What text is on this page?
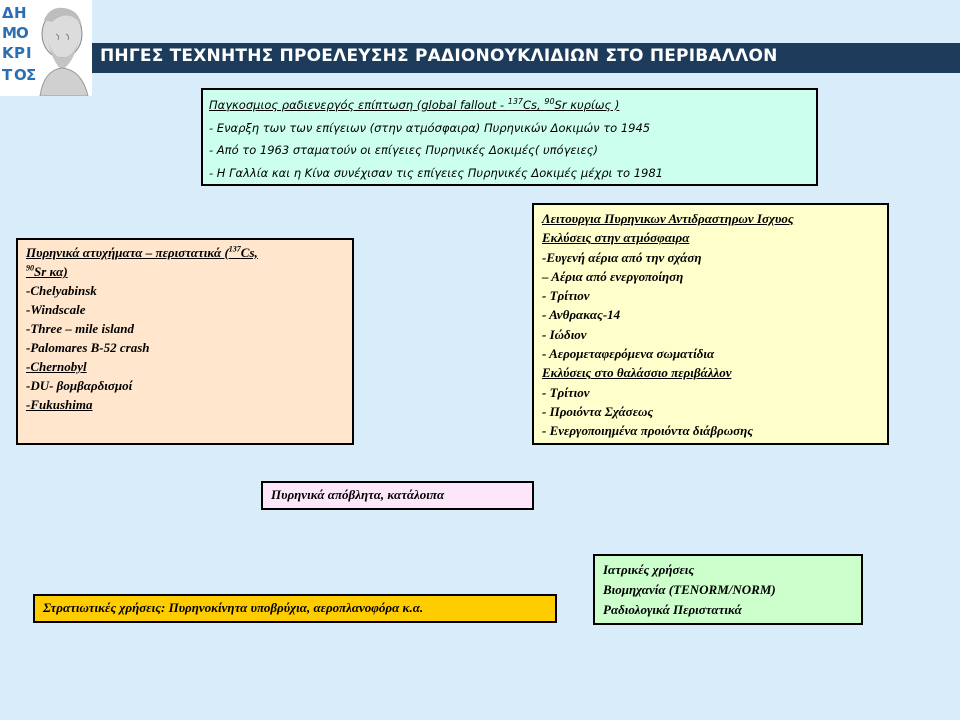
Δ Η
Μ Ο
Κ Ρ Ι
Τ Ο Σ
ΠΗΓΕΣ ΤΕΧΝΗΤΗΣ ΠΡΟΕΛΕΥΣΗΣ ΡΑΔΙΟΝΟΥΚΛΙΔΙΩΝ ΣΤΟ ΠΕΡΙΒΑΛΛΟΝ
Παγκοσμιος ραδιενεργός επίπτωση (global fallout - $^{137}$Cs, $^{90}$Sr κυρίως )
- Εναρξη των των επίγειων (στην ατμόσφαιρα) Πυρηνικών Δοκιμών το 1945
- Από το 1963 σταματούν οι επίγειες Πυρηνικές Δοκιμές( υπόγειες)
- Η Γαλλία και η Κίνα συνέχισαν τις επίγειες Πυρηνικές Δοκιμές μέχρι το 1981
Πυρηνικά ατυχήματα – περιστατικά ($^{137}$Cs,
$^{90}$Sr κα)
-Chelyabinsk
-Windscale
-Three – mile island
-Palomares B-52 crash
-Chernobyl
-DU- βομβαρδισμοί
-Fukushima
Λειτουργια Πυρηνικων Αντιδραστηρων Ισχυος
Εκλύσεις στην ατμόσφαιρα
-Ευγενή αέρια από την σχάση
– Αέρια από ενεργοποίηση
- Τρίτιον
- Ανθρακας-14
- Ιώδιον
- Αερομεταφερόμενα σωματίδια
Εκλύσεις στο θαλάσσιο περιβάλλον
- Τρίτιον
- Προιόντα Σχάσεως
- Ενεργοποιημένα προιόντα διάβρωσης
Πυρηνικά απόβλητα, κατάλοιπα
Στρατιωτικές χρήσεις: Πυρηνοκίνητα υποβρύχια, αεροπλανοφόρα κ.α.
Ιατρικές χρήσεις
Βιομηχανία (TENORM/NORM)
Ραδιολογικά Περιστατικά
